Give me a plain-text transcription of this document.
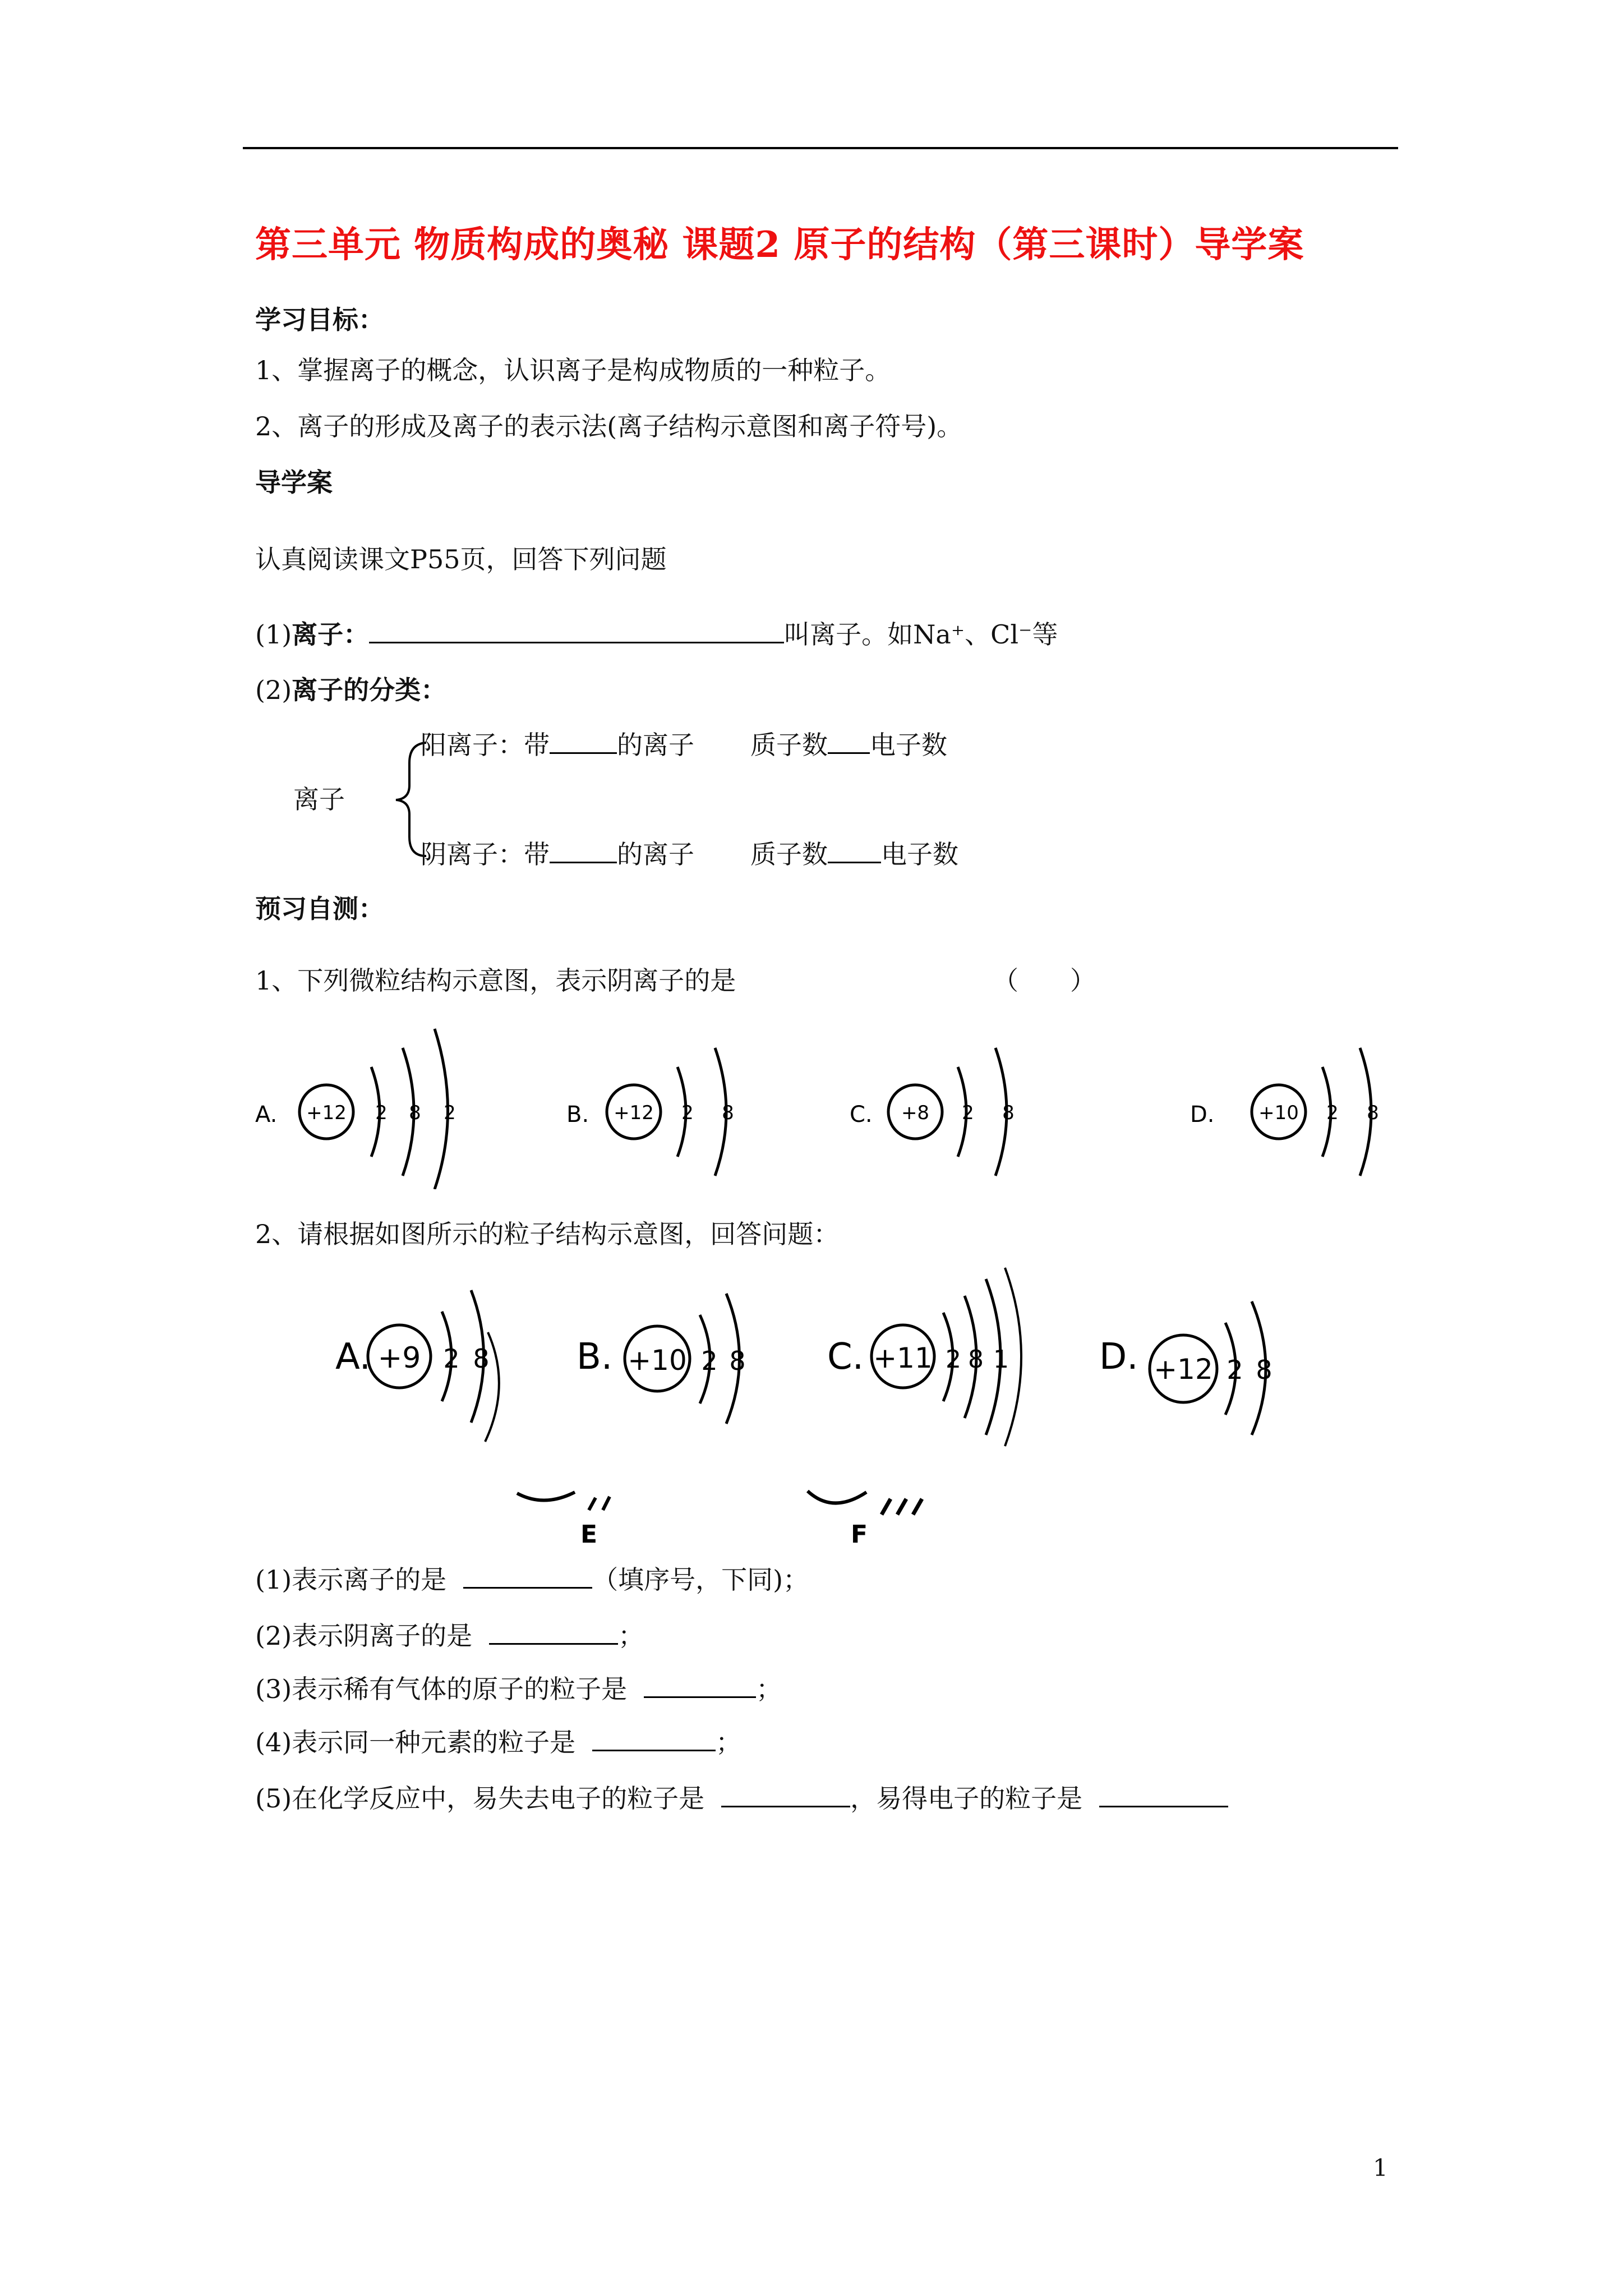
第三单元 物质构成的奥秘 课题2 原子的结构（第三课时）导学案
学习目标：
1、掌握离子的概念，认识离子是构成物质的一种粒子。
2、离子的形成及离子的表示法(离子结构示意图和离子符号)。
导学案
认真阅读课文P55页，回答下列问题
(1)离子：	叫离子。如Na⁺、Cl⁻等
(2)离子的分类：
离子
阳离子：带	的离子 质子数 电子数
阴离子：带	的离子 质子数 电子数
预习自测：
1、下列微粒结构示意图，表示阴离子的是	（　　）
A. +12 2 8 2	B. +12 2 8	C. +8 2 8	D. +10 2 8
2、请根据如图所示的粒子结构示意图，回答问题：
A. +9 2 8 B. +10 2 8 C. +11 2 8 1	D. +12 2 8
E	F
(1)表示离子的是	（填序号，下同)；
(2)表示阴离子的是	；
(3)表示稀有气体的原子的粒子是	；
(4)表示同一种元素的粒子是	；
(5)在化学反应中，易失去电子的粒子是	，易得电子的粒子是
1
